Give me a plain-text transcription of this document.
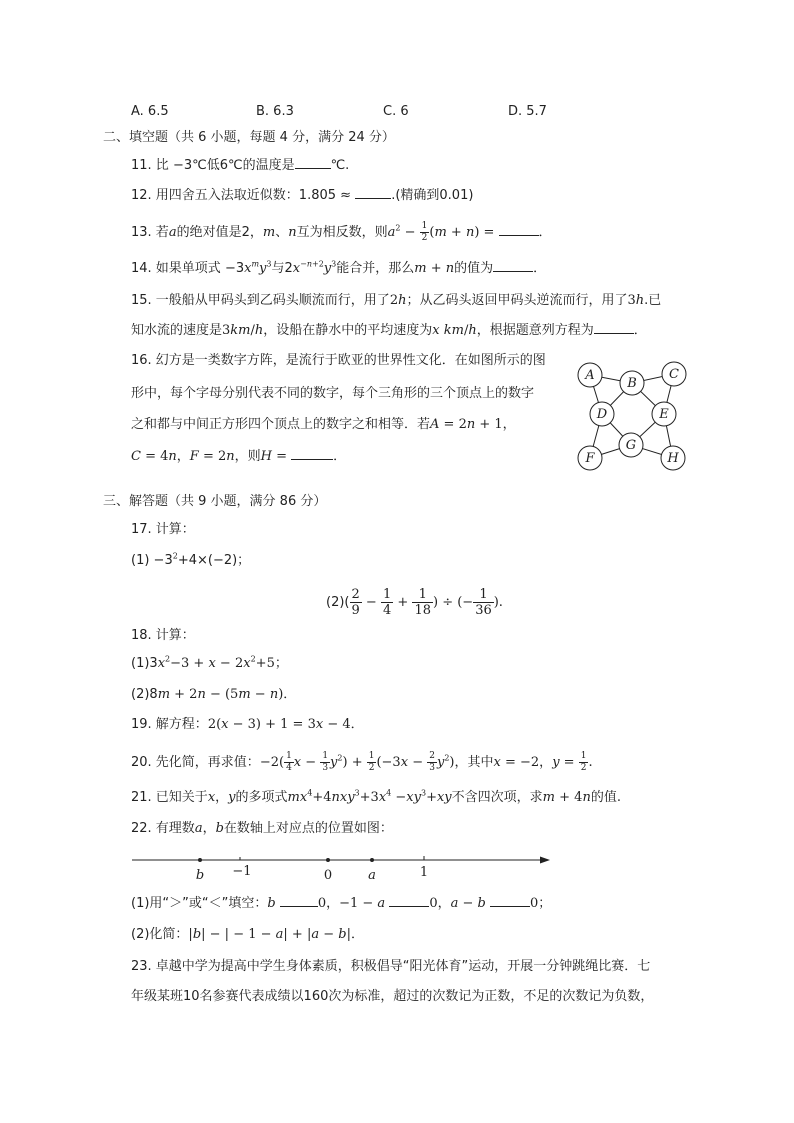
A. 6.5	B. 6.3	C. 6	D. 5.7
二、填空题（共 6 小题，每题 4 分，满分 24 分）
11. 比 −3℃低6℃的温度是	℃.
12. 用四舍五入法取近似数：1.805 ≈	.(精确到0.01)
13. 若a的绝对值是2，m、n互为相反数，则$a^2 - \frac{1}{2} (m + n)$ =	．
14. 如果单项式 $-3x^my^3$与$2x^{-n+2}y^3$能合并，那么m + n的值为	．
15. 一般船从甲码头到乙码头顺流而行，用了2h；从乙码头返回甲码头逆流而行，用了3h.已
知水流的速度是3km/h，设船在静水中的平均速度为x km/h，根据题意列方程为	．
16. 幻方是一类数字方阵，是流行于欧亚的世界性文化．在如图所示的图
形中，每个字母分别代表不同的数字，每个三角形的三个顶点上的数字
之和都与中间正方形四个顶点上的数字之和相等．若A = 2n + 1，
C = 4n，F = 2n，则H =	．
A
B
C
D	E
F
G
H
三、解答题（共 9 小题，满分 86 分）
17. 计算：
$(1) -3^2+4\times(-2)$；
$(2)( \frac{2}{9} - \frac{1}{4} + \frac{1}{18}$ ) ÷ (− $\frac{1}{36}$ ).
18. 计算：
$(1)3x^2-3 + x - 2x^2+5$；
(2)8m + 2n − (5m − n)．
19. 解方程：2(x − 3) + 1 = 3x − 4．
20. 先化简，再求值：$-2( \frac{1}{4}$ $x - \frac{1}{3} y^2) + \frac{1}{2} (-3x - \frac{2}{3} y^2)$，其中x = −2，$y = \frac{1}{2}$ .
21. 已知关于x，y的多项式$mx^4+4nxy^3+3x^4 -xy^3+xy$不含四次项，求m + 4n的值.
22. 有理数a，b在数轴上对应点的位置如图：
b −1	0	a	1
(1)用“＞”或“＜”填空：b	0，−1 − a	0，a − b	0；
(2)化简：|b| − | − 1 − a| + |a − b|．
23. 卓越中学为提高中学生身体素质，积极倡导“阳光体育”运动，开展一分钟跳绳比赛．七
年级某班10名参赛代表成绩以160次为标准，超过的次数记为正数，不足的次数记为负数，
